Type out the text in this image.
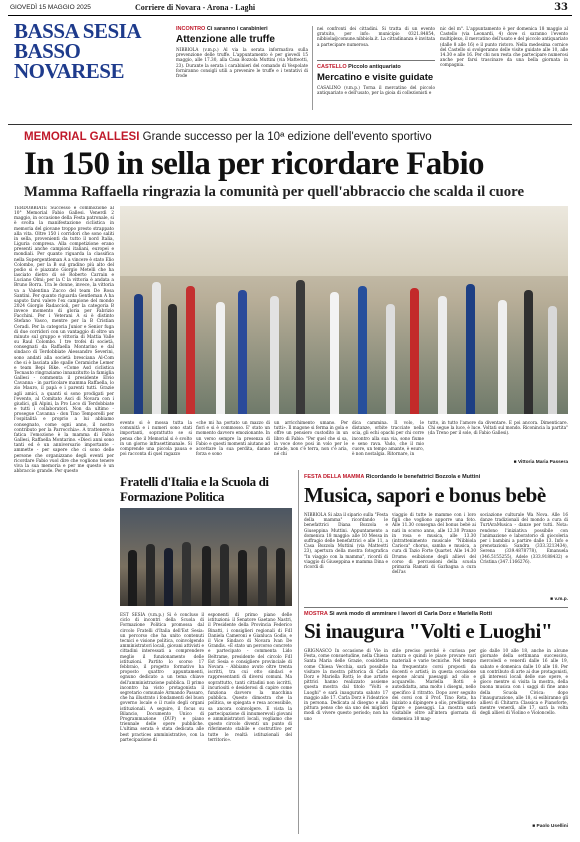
GIOVEDÌ 15 MAGGIO 2025	Corriere di Novara - Arona - Laghi	33
BASSA SESIA BASSO NOVARESE
INCONTRO Ci saranno i carabinieri
Attenzione alle truffe
NIBBIOLA (v.m.p.) Al via la serata informativa sulla prevenzione delle truffe. L'appuntamento è per giovedì 15 maggio, alle 17.30, alla Casa Bozzola Muttini (via Matteotti, 23). Durante la serata i carabinieri del comando di Vespolate forniranno consigli utili a prevenire le truffe e i tentativi di frode
nei confronti dei cittadini. Si tratta di un evento gratuito, per info: municipio 0321.84854, nibbiola@comune.nibbiola.it. La cittadinanza è invitata a partecipare numerosa.
CASTELLO Piccolo antiquariato
Mercatino e visite guidate
CASALINO (v.m.p.) Torna il mercatino del piccolo antiquariato e dell'usato, per la gioia di collezionisti e
nic del m°. L'appuntamento è per domenica 18 maggio al Castello (via Leonardi, 4) dove ci saranno l'evento multiplexo, il mercatino dell'usato e del piccolo antiquariato (dalle 8 alle 16) e il punto ristoro. Nella medesima cornice del Castello si svolgeranno delle visite guidate alle 10, alle 14.30 e alle 16. Per chi non resta che partecipare numerosi anche per farsi trascinare da una bella giornata in compagnia.
MEMORIAL GALLESI Grande successo per la 10ª edizione dell'evento sportivo
In 150 in sella per ricordare Fabio
Mamma Raffaella ringrazia la comunità per quell'abbraccio che scalda il cuore
TERDOBBIATE Successo e commozione al 10° Memorial Fabio Gallesi. Venerdì 2 maggio, in occasione della Festa patronale, si è svolta la manifestazione ciclistica in memoria del giovane troppo presto strappato alla vita. Oltre 150 i corridori che sono saliti in sella, provenienti da tutto il nord Italia, Liguria compresa. Alla competizione erano presenti anche campioni italiani, europei e mondiali. Per quanto riguarda la classifica nella Supergentleman A a vincere è stato Elio Colombo, per la B sul gradino più alto del podio si è piazzato Giorgio Metelli che ha lasciato dietro di sé Roberto Carrain e Luciano Olmi; per la C la vittoria è andata a Bruno Borra. Tra le donne, invece, la vittoria va a Valentina Zucco del team De Rosa Santini. Per quanto riguarda Gentleman A ha saputo farsi valere l'ex campione del mondo 2024 Giorgio Radaccioli, per la categoria B invece momento di gloria per Fabrizio Facchini. Per i Veterani A si è distinto Stefano Vasco, mentre per la B Cristian Ceradi. Per la categoria Junior e Senior fuga di due corridori con un vantaggio di oltre un minuto sul gruppo e vittoria di Mattia Valle su Raul Colombo. I tre trofei di società, consegnati da Raffaella Montarino e dal sindaco di Terdobbiate Alessandro Severini, sono andati alla società bresciana Al-Com che si è lasciata alle spalle Ceramiche Lemer e team Bepi Bike. «Come Asd ciclistica Tecnauto ringraziamo innanzitutto la famiglia Gallesi - commenta il presidente Elvio Cavanna - in particolare mamma Raffaella, lo zio Mauro, il papà e i parenti tutti. Grazie agli amici, a quanti si sono prodigati per l'evento, al Comitato Asci di Novara con i giudici, gli Alpini, la Pro Loco di Terdobbiate e tutti i collaboratori. Non da ultimo - prosegue Cavanna - don Tino Temporelli per l'ospitalità e proprio a lui abbiamo consegnato, come ogni anno, il nostro contributo per la Parrocchia». A trattenere a fatica l'emozione è la mamma di Fabio Gallesi, Raffaella Montarino. «Dieci anni sono tanti ed è un anniversario importante - ammette - per sapere che ci sono delle persone che organizzano degli eventi per ricordare Fabio vuol dire che vogliono tenere viva la sua memoria e per me questo è un abbraccio grande. Per questo
evento si è mossa tutta la comunità e i numeri sono stati importanti, soprattutto se si pensa che il Memorial si è svolto in un giorno infrasettimanale. Si comprende una piccola pausa e poi racconta di quel ragazzo
«che mi ha portato un mazzo di fiori e si è commosso. E' stato un momento davvero emozionante. In un verso sempre la presenza di Fabio e questi momenti aiutano ad accettare la sua perdita, danno forza e sono
un arricchimento umano. Per tutti». Il magone si ferma in gola e offre un pensiero custodito in un libro di Fabio: "Per quel che si sa, la voce dove posi in volo per le strade, non c'è terra, non c'è aria, né chi
dica cammina. Il volo, le distanze, orbite tracciate nella scia, gli echi opachi per chi corre incontro alla sua via, sono fiume e seno rava. Vado, che il mio cuore, un tempo amante, è esuro, è non nostalgia. Ritornare, in
tutto, in tutto l'amore da diventare. E poi ancora. Dimenticare. Chi segue la luce, è luce. Voltati sul mondo. Riconincia la partita" (da Treno per il sole, di Fabio Gallesi).
■ Vittoria Maria Passera
Fratelli d'Italia e la Scuola di Formazione Politica
EST SESIA (v.m.p.) Si è concluso il ciclo di incontri della Scuola di Formazione Politica promossa dal circolo Fratelli d'Italia dell'Est Sesia: un percorso che ha unito contenuti tecnici e visione politica, coinvolgendo amministratori locali, giovani attivisti e cittadini interessati a comprendere meglio il funzionamento delle istituzioni. Partito lo scorso 17 febbraio, il progetto formativo ha proposto quattro appuntamenti, ognuno dedicato a un tema chiave dell'amministrazione pubblica. Il primo incontro ha visto protagonista il segretario comunale Armando Passaro, che ha illustrato i fondamenti del buon governo locale e il ruolo degli organi istituzionali. A seguire, il focus su Bilancio, Documento Unico di Programmazione (DUP) e piano triennale delle opere pubbliche. L'ultima serata è stata dedicata alle best practices amministrative, con la partecipazione di
esponenti di primo piano delle istituzioni: il Senatore Gaetano Nastri, il Presidente della Provincia Federico Binatti, i consiglieri regionali di FdI Daniela Cameroni e Gianluca Godio, e il Vice Sindaco di Novara Ivan De Grandis. «È stato un percorso concreto e partecipato - commenta Lido Beltrame, presidente del circolo FdI Est Sesia e consigliere provinciale di Novara - Abbiamo avuto oltre trenta iscritti, tra cui otto sindaci e rappresentanti di diversi comuni. Ma soprattutto, tanti cittadini non iscritti, incuriositi e desiderosi di capire come funziona davvero la macchina pubblica. Questo dimostra che la politica, se spiegata e resa accessibile, sa ancora coinvolgere. E vista la partecipazione di innumerevoli giovani e amministratori locali, vogliamo che questo circolo diventi un punto di riferimento stabile e costruttivo per tutte le realtà istituzionali del territorio».
FESTA DELLA MAMMA Ricordando le benefattrici Bozzola e Muttini
Musica, sapori e bonus bebè
NIBBIOLA Si alza il sipario sulla "Festa della mamma" ricordando le benefattrici Diana Bozzola e Giuseppina Muttini. Appuntamento a domenica 18 maggio: alle 10 Messa in suffragio delle benefattrici e alle 11, a Casa Bozzola Muttini (via Matteotti 23), apertura della mostra fotografica "In viaggio con la mamma", ricordi di viaggio di Giuseppina e mamma Dina e ricordi di
viaggio di tutte le mamme con i loro figli che vogliono apporre una foto. Alle 11.30 consegna del bonus bebè ai nati in scorso anno, alle 12.30 Pranzo in rosa e musica, alle 13.30 (intrattenimento musicale "Nibbiola Carioca" chorus, samba e musica, a cura di Tazio Forte Quartet. Alle 14.30 Drums: esibizione degli allievi del corso di percussioni della scuola primaria Ramati di Garbagna a cura dell'as
sociazione culturale Wa Nova. Alle 16 danze tradizionali del mondo a cura di TurtAraMusica - danze per tutti. Nota: rendono l'iniziativa possibile con l'animazione e laboratorio di giocoleria per i bambini a partire dalle 13. Info e prenotazioni: Sandra (333.3213434), Serena (339.4878778), Emanuela (346.5155255), Adele (333.9188432) e Cristina (347.1166276).
■ v.m.p.
MOSTRA Si avrà modo di ammirare i lavori di Carla Dorz e Mariella Rotti
Si inaugura "Volti e Luoghi"
GRIGNASCO In occasione di Vie in Festa, come consuetudine, nella Chiesa Santa Maria delle Grazie, cosiddetta come Chiesa Vecchia, sarà possibile visitare la mostra pittorica di Carla Dorz e Mariella Rotti; le due artiste pittrici hanno realizzato assieme questa mostra dal titolo "Volti e Luoghi" e sarà inaugurata sabato 17 maggio alle 17. Carla Dorz è l'ideatrice in persona. Dedicata al disegno e alla pittura penso che sia uno dei migliori modi di vivere questo periodo; non ha uno
stile preciso perché è curiosa per natura e quindi le piace provare vari materiali e varie tecniche. Nel tempo ha frequentato corsi proposti da docenti e artisti; in questa occasione espone alcuni paesaggi ad olio e acquarello. Mariella Rotti è autodidatta, ama molto i disegni, nello specifico il ritratto. Dopo aver seguito dei corsi con il Prof. Tino Rota, ha iniziato a dipingere a olio, prediligendo figure e paesaggi. La mostra sarà visitabile oltre all'intera giornata di domenica 18 mag-
gio dalle 10 alle 18, anche in alcune giornate della settimana successiva, mercoledì e venerdì dalle 16 alle 19, sabato e domenica dalle 10 alle 18. Per un contributo di arte ai due protagonisti, gli interessi locali delle sue opere, e gioco mentre si visita la mostra, della buona musica con i saggi di fine anno della Scuola Civica: dopo l'inaugurazione, alle 18, si esibiranno gli allievi di Chitarra Classica e Pianoforte, mentre venerdì, alle 17, sarà la volta degli allievi di Violino e Violoncello.
■ Paolo Usellini
